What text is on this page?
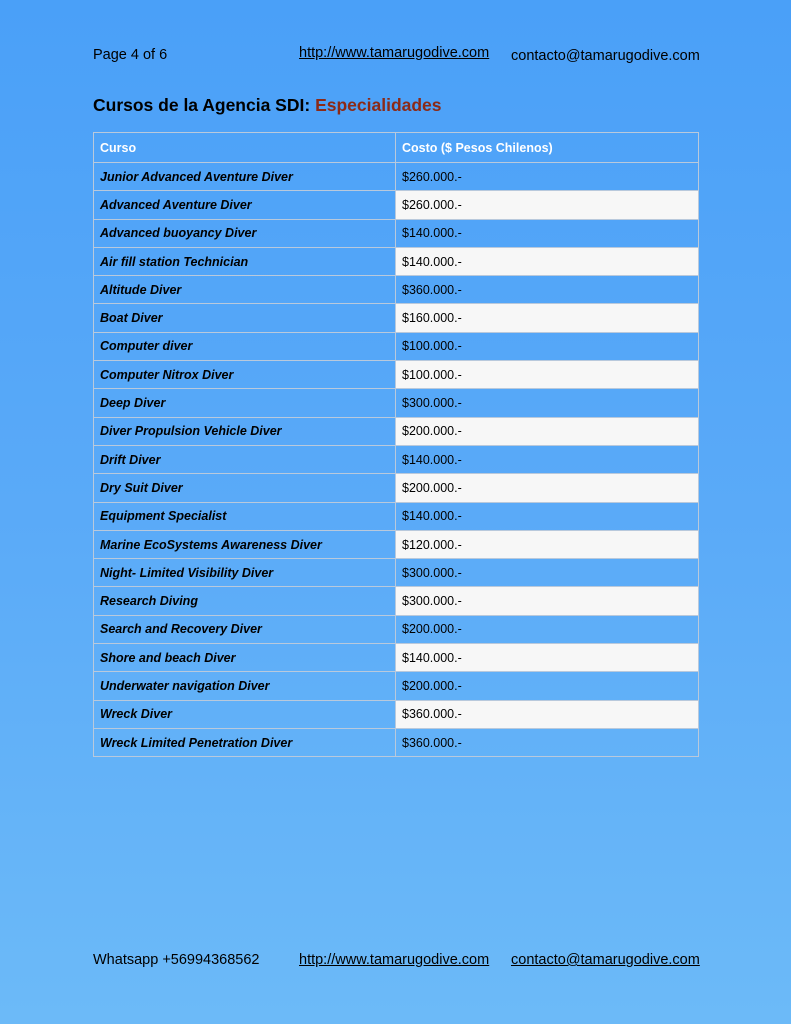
Page 4 of 6	http://www.tamarugodive.com contacto@tamarugodive.com
Cursos de la Agencia SDI: Especialidades
Curso	Costo ($ Pesos Chilenos)
Junior Advanced Aventure Diver	$260.000.-
Advanced Aventure Diver	$260.000.-
Advanced buoyancy Diver	$140.000.-
Air fill station Technician	$140.000.-
Altitude Diver	$360.000.-
Boat Diver	$160.000.-
Computer diver	$100.000.-
Computer Nitrox Diver	$100.000.-
Deep Diver	$300.000.-
Diver Propulsion Vehicle Diver	$200.000.-
Drift Diver	$140.000.-
Dry Suit Diver	$200.000.-
Equipment Specialist	$140.000.-
Marine EcoSystems Awareness Diver	$120.000.-
Night- Limited Visibility Diver	$300.000.-
Research Diving	$300.000.-
Search and Recovery Diver	$200.000.-
Shore and beach Diver	$140.000.-
Underwater navigation Diver	$200.000.-
Wreck Diver	$360.000.-
Wreck Limited Penetration Diver	$360.000.-
Whatsapp +56994368562	http://www.tamarugodive.com contacto@tamarugodive.com
